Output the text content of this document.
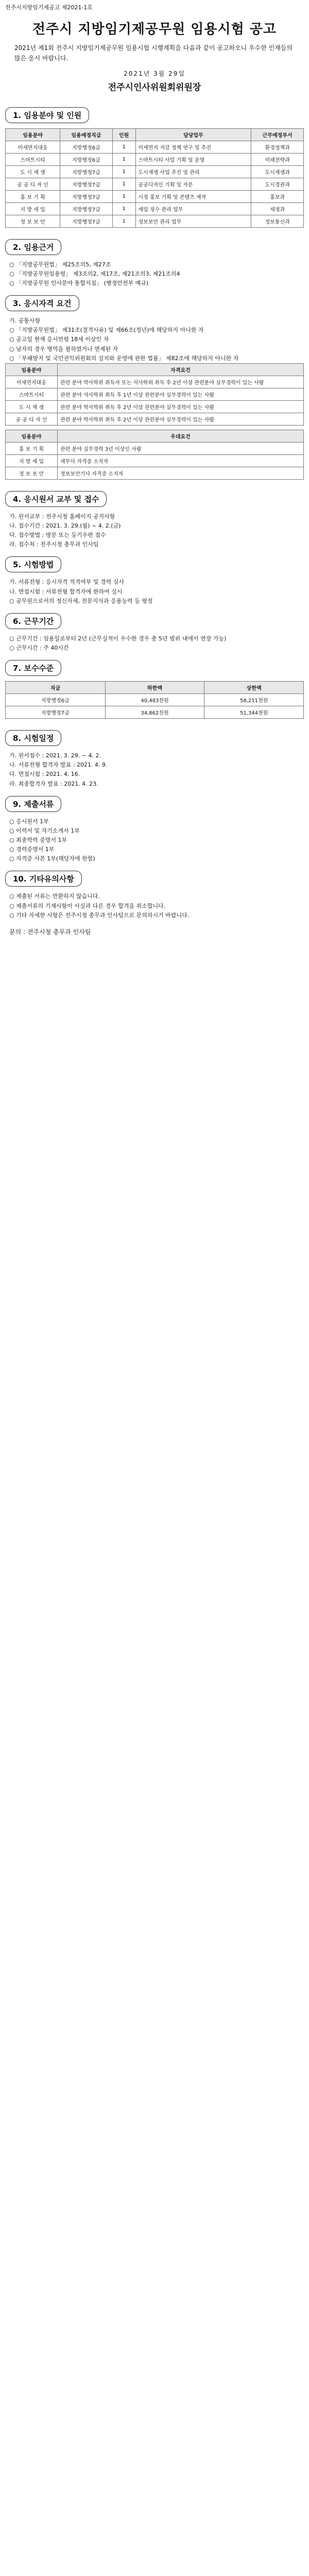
전주시지방임기제공고 제2021-1호
전주시 지방임기제공무원 임용시험 공고
2021년 제1회 전주시 지방임기제공무원 임용시험 시행계획을 다음과 같이 공고하오니 우수한 인재들의 많은 응시 바랍니다.
2021년 3월 29일
전주시인사위원회위원장
1. 임용분야 및 인원
임용분야	임용예정직급	인원	담당업무	근무예정부서
미세먼지대응	지방행정6급	1	미세먼지 저감 정책 연구 및 추진	환경정책과
스마트시티	지방행정6급	1	스마트시티 사업 기획 및 운영	미래전략과
도 시 재 생	지방행정7급	1	도시재생 사업 추진 및 관리	도시재생과
공 공 디 자 인	지방행정7급	1	공공디자인 기획 및 자문	도시경관과
홍 보 기 획	지방행정7급	1	시정 홍보 기획 및 콘텐츠 제작	홍보과
지 방 세 입	지방행정7급	1	세입 징수 관리 업무	세정과
정 보 보 안	지방행정7급	1	정보보안 관리 업무	정보통신과
2. 임용근거
○ 「지방공무원법」 제25조의5, 제27조
○ 「지방공무원임용령」 제3조의2, 제17조, 제21조의3, 제21조의4
○ 「지방공무원 인사분야 통합지침」 (행정안전부 예규)
3. 응시자격 요건
가. 공통사항
○ 「지방공무원법」 제31조(결격사유) 및 제66조(정년)에 해당하지 아니한 자
○ 공고일 현재 응시연령 18세 이상인 자
○ 남자의 경우 병역을 필하였거나 면제된 자
○ 「부패방지 및 국민권익위원회의 설치와 운영에 관한 법률」 제82조에 해당하지 아니한 자
임용분야	자격요건
미세먼지대응	관련 분야 박사학위 취득자 또는 석사학위 취득 후 2년 이상 관련분야 실무경력이 있는 사람
스마트시티	관련 분야 석사학위 취득 후 1년 이상 관련분야 실무경력이 있는 사람
도 시 재 생	관련 분야 학사학위 취득 후 2년 이상 관련분야 실무경력이 있는 사람
공 공 디 자 인	관련 분야 학사학위 취득 후 2년 이상 관련분야 실무경력이 있는 사람
임용분야	우대요건
홍 보 기 획	관련 분야 실무경력 3년 이상인 사람
지 방 세 입	세무사 자격증 소지자
정 보 보 안	정보보안기사 자격증 소지자
4. 응시원서 교부 및 접수
가. 원서교부 : 전주시청 홈페이지 공지사항
나. 접수기간 : 2021. 3. 29.(월) ~ 4. 2.(금)
다. 접수방법 : 방문 또는 등기우편 접수
라. 접수처 : 전주시청 총무과 인사팀
5. 시험방법
가. 서류전형 : 응시자격 적격여부 및 경력 심사
나. 면접시험 : 서류전형 합격자에 한하여 실시
○ 공무원으로서의 정신자세, 전문지식과 응용능력 등 평정
6. 근무기간
○ 근무기간 : 임용일로부터 2년 (근무실적이 우수한 경우 총 5년 범위 내에서 연장 가능)
○ 근무시간 : 주 40시간
7. 보수수준
직급	하한액	상한액
지방행정6급	40,483천원	58,211천원
지방행정7급	34,862천원	51,344천원
8. 시험일정
가. 원서접수 : 2021. 3. 29. ~ 4. 2.
나. 서류전형 합격자 발표 : 2021. 4. 9.
다. 면접시험 : 2021. 4. 16.
라. 최종합격자 발표 : 2021. 4. 23.
9. 제출서류
○ 응시원서 1부
○ 이력서 및 자기소개서 1부
○ 최종학력 증명서 1부
○ 경력증명서 1부
○ 자격증 사본 1부(해당자에 한함)
10. 기타유의사항
○ 제출된 서류는 반환하지 않습니다.
○ 제출서류의 기재사항이 사실과 다른 경우 합격을 취소합니다.
○ 기타 자세한 사항은 전주시청 총무과 인사팀으로 문의하시기 바랍니다.
문의 : 전주시청 총무과 인사팀
